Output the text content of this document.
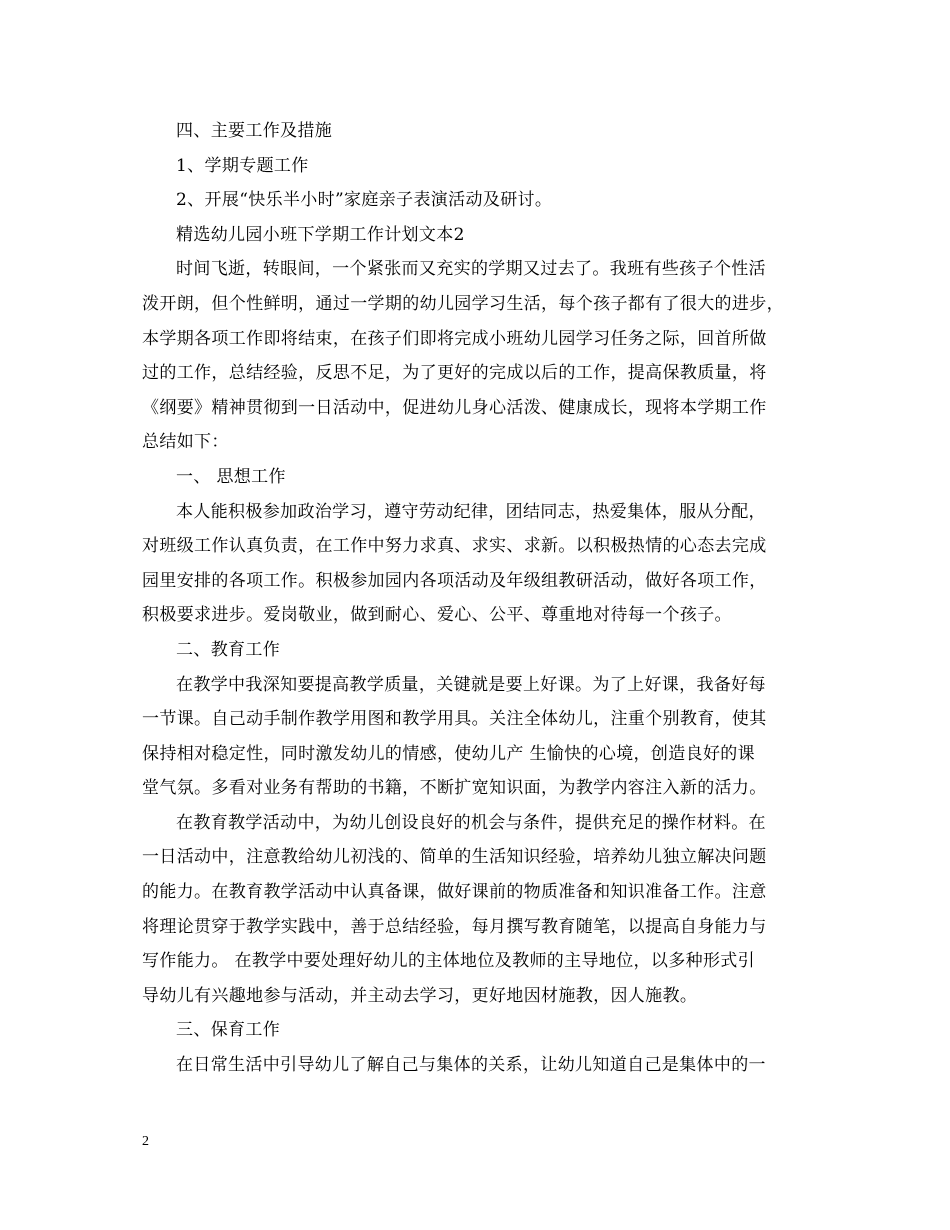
四、主要工作及措施
1、学期专题工作
2、开展“快乐半小时”家庭亲子表演活动及研讨。
精选幼儿园小班下学期工作计划文本2
时间飞逝，转眼间，一个紧张而又充实的学期又过去了。我班有些孩子个性活
泼开朗，但个性鲜明，通过一学期的幼儿园学习生活，每个孩子都有了很大的进步，
本学期各项工作即将结束，在孩子们即将完成小班幼儿园学习任务之际，回首所做
过的工作，总结经验，反思不足，为了更好的完成以后的工作，提高保教质量，将
《纲要》精神贯彻到一日活动中，促进幼儿身心活泼、健康成长，现将本学期工作
总结如下：
一、 思想工作
本人能积极参加政治学习，遵守劳动纪律，团结同志，热爱集体，服从分配，
对班级工作认真负责，在工作中努力求真、求实、求新。以积极热情的心态去完成
园里安排的各项工作。积极参加园内各项活动及年级组教研活动，做好各项工作，
积极要求进步。爱岗敬业，做到耐心、爱心、公平、尊重地对待每一个孩子。
二、教育工作
在教学中我深知要提高教学质量，关键就是要上好课。为了上好课，我备好每
一节课。自己动手制作教学用图和教学用具。关注全体幼儿，注重个别教育，使其
保持相对稳定性，同时激发幼儿的情感，使幼儿产 生愉快的心境，创造良好的课
堂气氛。多看对业务有帮助的书籍，不断扩宽知识面，为教学内容注入新的活力。
在教育教学活动中，为幼儿创设良好的机会与条件，提供充足的操作材料。在
一日活动中，注意教给幼儿初浅的、简单的生活知识经验，培养幼儿独立解决问题
的能力。在教育教学活动中认真备课，做好课前的物质准备和知识准备工作。注意
将理论贯穿于教学实践中，善于总结经验，每月撰写教育随笔，以提高自身能力与
写作能力。 在教学中要处理好幼儿的主体地位及教师的主导地位，以多种形式引
导幼儿有兴趣地参与活动，并主动去学习，更好地因材施教，因人施教。
三、保育工作
在日常生活中引导幼儿了解自己与集体的关系，让幼儿知道自己是集体中的一
2
